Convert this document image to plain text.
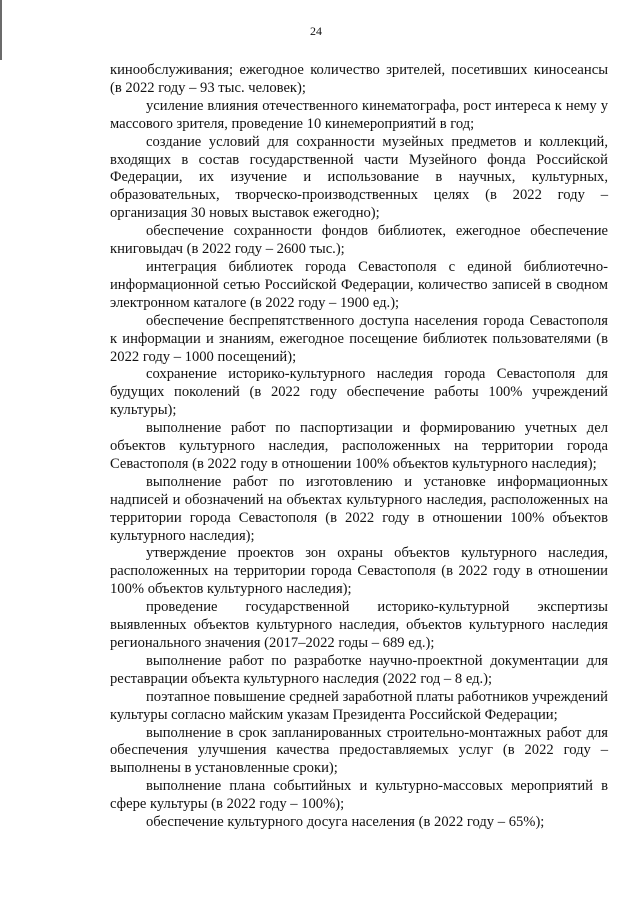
24

кинообслуживания; ежегодное количество зрителей, посетивших киносеансы (в 2022 году – 93 тыс. человек);

усиление влияния отечественного кинематографа, рост интереса к нему у массового зрителя, проведение 10 кинемероприятий в год;

создание условий для сохранности музейных предметов и коллекций, входящих в состав государственной части Музейного фонда Российской Федерации, их изучение и использование в научных, культурных, образовательных, творческо-производственных целях (в 2022 году – организация 30 новых выставок ежегодно);

обеспечение сохранности фондов библиотек, ежегодное обеспечение книговыдач (в 2022 году – 2600 тыс.);

интеграция библиотек города Севастополя с единой библиотечно-информационной сетью Российской Федерации, количество записей в сводном электронном каталоге (в 2022 году – 1900 ед.);

обеспечение беспрепятственного доступа населения города Севастополя к информации и знаниям, ежегодное посещение библиотек пользователями (в 2022 году – 1000 посещений);

сохранение историко-культурного наследия города Севастополя для будущих поколений (в 2022 году обеспечение работы 100% учреждений культуры);

выполнение работ по паспортизации и формированию учетных дел объектов культурного наследия, расположенных на территории города Севастополя (в 2022 году в отношении 100% объектов культурного наследия);

выполнение работ по изготовлению и установке информационных надписей и обозначений на объектах культурного наследия, расположенных на территории города Севастополя (в 2022 году в отношении 100% объектов культурного наследия);

утверждение проектов зон охраны объектов культурного наследия, расположенных на территории города Севастополя (в 2022 году в отношении 100% объектов культурного наследия);

проведение государственной историко-культурной экспертизы выявленных объектов культурного наследия, объектов культурного наследия регионального значения (2017–2022 годы – 689 ед.);

выполнение работ по разработке научно-проектной документации для реставрации объекта культурного наследия (2022 год – 8 ед.);

поэтапное повышение средней заработной платы работников учреждений культуры согласно майским указам Президента Российской Федерации;

выполнение в срок запланированных строительно-монтажных работ для обеспечения улучшения качества предоставляемых услуг (в 2022 году – выполнены в установленные сроки);

выполнение плана событийных и культурно-массовых мероприятий в сфере культуры (в 2022 году – 100%);

обеспечение культурного досуга населения (в 2022 году – 65%);
